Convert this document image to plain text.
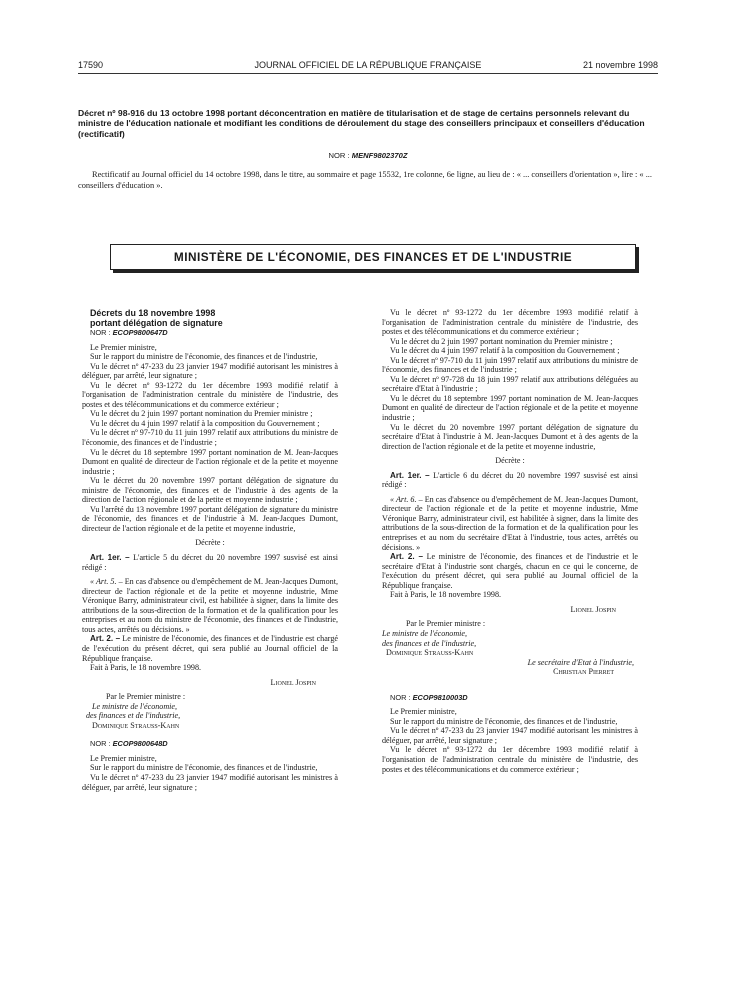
17590	JOURNAL OFFICIEL DE LA RÉPUBLIQUE FRANÇAISE	21 novembre 1998
Décret nº 98-916 du 13 octobre 1998 portant déconcentration en matière de titularisation et de stage de certains personnels relevant du ministre de l'éducation nationale et modifiant les conditions de déroulement du stage des conseillers principaux et conseillers d'éducation (rectificatif)
NOR : MENF9802370Z

Rectificatif au Journal officiel du 14 octobre 1998, dans le titre, au sommaire et page 15532, 1re colonne, 6e ligne, au lieu de : « ... conseillers d'orientation », lire : « ... conseillers d'éducation ».

MINISTÈRE DE L'ÉCONOMIE, DES FINANCES ET DE L'INDUSTRIE

Décrets du 18 novembre 1998

portant délégation de signature

NOR : ECOP9800647D

Le Premier ministre,

Sur le rapport du ministre de l'économie, des finances et de l'industrie,

Vu le décret nº 47-233 du 23 janvier 1947 modifié autorisant les ministres à déléguer, par arrêté, leur signature ;

Vu le décret nº 93-1272 du 1er décembre 1993 modifié relatif à l'organisation de l'administration centrale du ministère de l'industrie, des postes et des télécommunications et du commerce extérieur ;

Vu le décret du 2 juin 1997 portant nomination du Premier ministre ;

Vu le décret du 4 juin 1997 relatif à la composition du Gouvernement ;

Vu le décret nº 97-710 du 11 juin 1997 relatif aux attributions du ministre de l'économie, des finances et de l'industrie ;

Vu le décret du 18 septembre 1997 portant nomination de M. Jean-Jacques Dumont en qualité de directeur de l'action régionale et de la petite et moyenne industrie ;

Vu le décret du 20 novembre 1997 portant délégation de signature du ministre de l'économie, des finances et de l'industrie à des agents de la direction de l'action régionale et de la petite et moyenne industrie ;

Vu l'arrêté du 13 novembre 1997 portant délégation de signature du ministre de l'économie, des finances et de l'industrie à M. Jean-Jacques Dumont, directeur de l'action régionale et de la petite et moyenne industrie,

Décrète :

Art. 1er. – L'article 5 du décret du 20 novembre 1997 susvisé est ainsi rédigé :

« Art. 5. – En cas d'absence ou d'empêchement de M. Jean-Jacques Dumont, directeur de l'action régionale et de la petite et moyenne industrie, Mme Véronique Barry, administrateur civil, est habilitée à signer, dans la limite des attributions de la sous-direction de la formation et de la qualification pour les entreprises et au nom du ministre de l'économie, des finances et de l'industrie, tous actes, arrêtés ou décisions. »

Art. 2. – Le ministre de l'économie, des finances et de l'industrie est chargé de l'exécution du présent décret, qui sera publié au Journal officiel de la République française.

Fait à Paris, le 18 novembre 1998.

Lionel Jospin

Par le Premier ministre :

Le ministre de l'économie,

des finances et de l'industrie,

Dominique Strauss-Kahn

NOR : ECOP9800648D

Le Premier ministre,

Sur le rapport du ministre de l'économie, des finances et de l'industrie,

Vu le décret nº 47-233 du 23 janvier 1947 modifié autorisant les ministres à déléguer, par arrêté, leur signature ;

Vu le décret nº 93-1272 du 1er décembre 1993 modifié relatif à l'organisation de l'administration centrale du ministère de l'industrie, des postes et des télécommunications et du commerce extérieur ;

Vu le décret du 2 juin 1997 portant nomination du Premier ministre ;

Vu le décret du 4 juin 1997 relatif à la composition du Gouvernement ;

Vu le décret nº 97-710 du 11 juin 1997 relatif aux attributions du ministre de l'économie, des finances et de l'industrie ;

Vu le décret nº 97-728 du 18 juin 1997 relatif aux attributions déléguées au secrétaire d'Etat à l'industrie ;

Vu le décret du 18 septembre 1997 portant nomination de M. Jean-Jacques Dumont en qualité de directeur de l'action régionale et de la petite et moyenne industrie ;

Vu le décret du 20 novembre 1997 portant délégation de signature du secrétaire d'Etat à l'industrie à M. Jean-Jacques Dumont et à des agents de la direction de l'action régionale et de la petite et moyenne industrie,

Décrète :

Art. 1er. – L'article 6 du décret du 20 novembre 1997 susvisé est ainsi rédigé :

« Art. 6. – En cas d'absence ou d'empêchement de M. Jean-Jacques Dumont, directeur de l'action régionale et de la petite et moyenne industrie, Mme Véronique Barry, administrateur civil, est habilitée à signer, dans la limite des attributions de la sous-direction de la formation et de la qualification pour les entreprises et au nom du secrétaire d'Etat à l'industrie, tous actes, arrêtés ou décisions. »

Art. 2. – Le ministre de l'économie, des finances et de l'industrie et le secrétaire d'Etat à l'industrie sont chargés, chacun en ce qui le concerne, de l'exécution du présent décret, qui sera publié au Journal officiel de la République française.

Fait à Paris, le 18 novembre 1998.

Lionel Jospin

Par le Premier ministre :

Le ministre de l'économie,

des finances et de l'industrie,

Dominique Strauss-Kahn

Le secrétaire d'Etat à l'industrie,

Christian Pierret

NOR : ECOP9810003D

Le Premier ministre,

Sur le rapport du ministre de l'économie, des finances et de l'industrie,

Vu le décret nº 47-233 du 23 janvier 1947 modifié autorisant les ministres à déléguer, par arrêté, leur signature ;

Vu le décret nº 93-1272 du 1er décembre 1993 modifié relatif à l'organisation de l'administration centrale du ministère de l'industrie, des postes et des télécommunications et du commerce extérieur ;
